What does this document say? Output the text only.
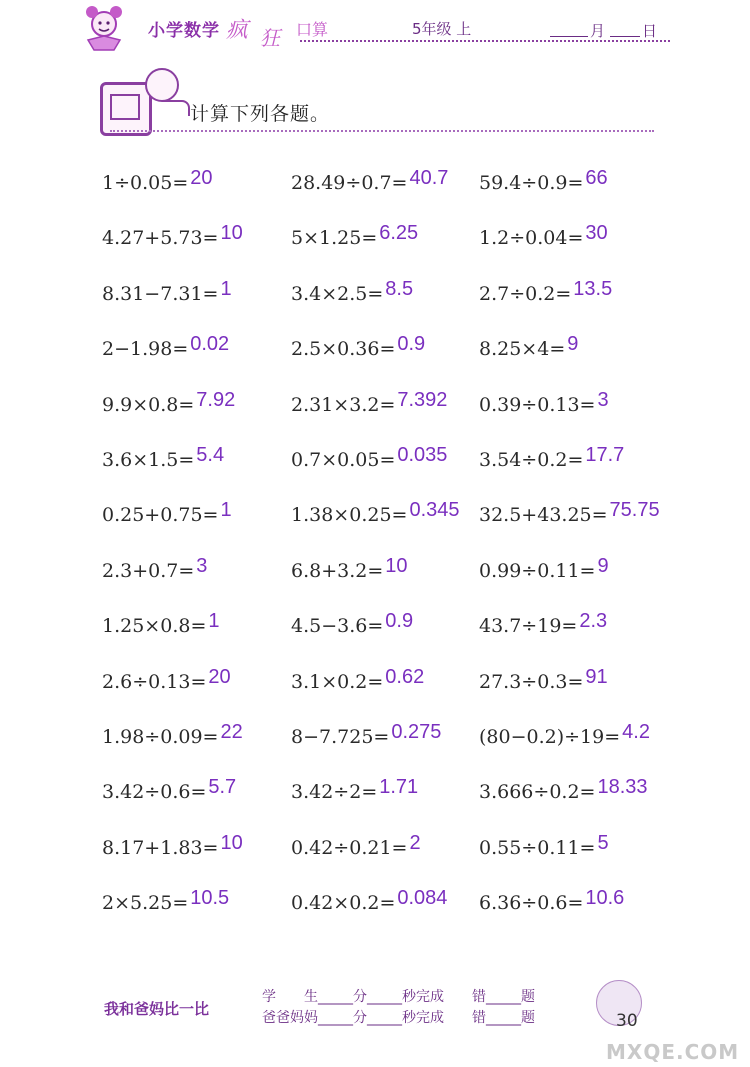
小学数学 疯 狂 口算	5年级 上	月 日
计算下列各题。
1÷0.05= 20	28.49÷0.7= 40.7 59.4÷0.9= 66
4.27+5.73= 10	5×1.25= 6.25	1.2÷0.04= 30
8.31−7.31= 1	3.4×2.5= 8.5	2.7÷0.2= 13.5
2−1.98= 0.02	2.5×0.36= 0.9	8.25×4= 9
9.9×0.8= 7.92	2.31×3.2= 7.392 0.39÷0.13= 3
3.6×1.5= 5.4	0.7×0.05= 0.035 3.54÷0.2= 17.7
0.25+0.75= 1	1.38×0.25= 0.345 32.5+43.25= 75.75
2.3+0.7= 3	6.8+3.2= 10	0.99÷0.11= 9
1.25×0.8= 1	4.5−3.6= 0.9	43.7÷19= 2.3
2.6÷0.13= 20	3.1×0.2= 0.62	27.3÷0.3= 91
1.98÷0.09= 22	8−7.725= 0.275 (80−0.2)÷19= 4.2
3.42÷0.6= 5.7	3.42÷2= 1.71	3.666÷0.2= 18.33
8.17+1.83= 10	0.42÷0.21= 2	0.55÷0.11= 5
2×5.25= 10.5	0.42×0.2= 0.084 6.36÷0.6= 10.6
我和爸妈比一比
学　　生_____分_____秒完成　　错_____题
爸爸妈妈_____分_____秒完成　　错_____题	30
MXQE.COM
